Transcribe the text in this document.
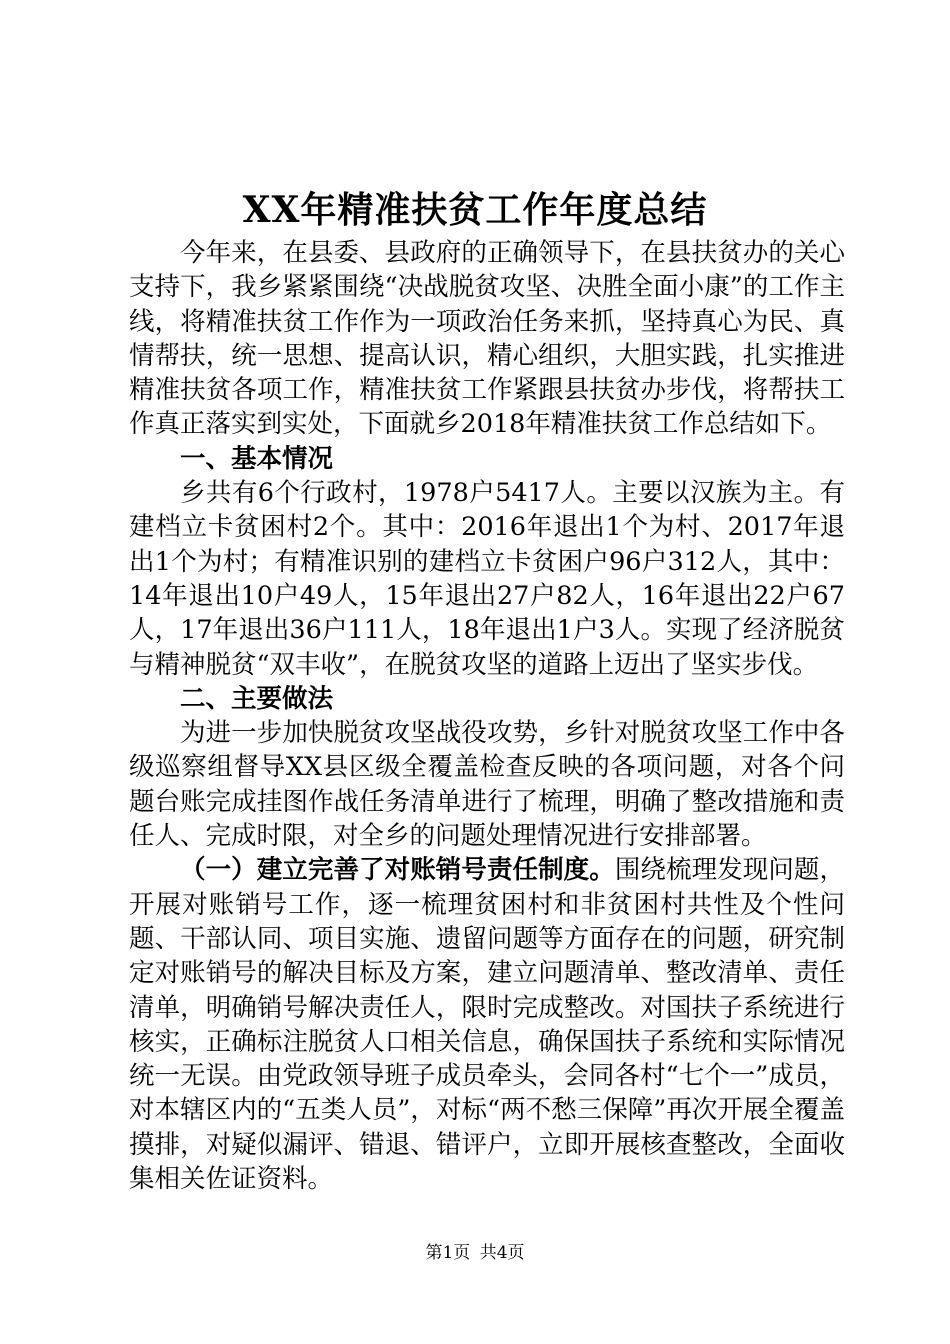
XX年精准扶贫工作年度总结

今年来，在县委、县政府的正确领导下，在县扶贫办的关心支持下，我乡紧紧围绕“决战脱贫攻坚、决胜全面小康”的工作主线，将精准扶贫工作作为一项政治任务来抓，坚持真心为民、真情帮扶，统一思想、提高认识，精心组织，大胆实践，扎实推进精准扶贫各项工作，精准扶贫工作紧跟县扶贫办步伐，将帮扶工作真正落实到实处，下面就乡2018年精准扶贫工作总结如下。

一、基本情况

乡共有6个行政村，1978户5417人。主要以汉族为主。有建档立卡贫困村2个。其中：2016年退出1个为村、2017年退出1个为村；有精准识别的建档立卡贫困户96户312人，其中：14年退出10户49人，15年退出27户82人，16年退出22户67人，17年退出36户111人，18年退出1户3人。实现了经济脱贫与精神脱贫“双丰收”，在脱贫攻坚的道路上迈出了坚实步伐。

二、主要做法

为进一步加快脱贫攻坚战役攻势，乡针对脱贫攻坚工作中各级巡察组督导XX县区级全覆盖检查反映的各项问题，对各个问题台账完成挂图作战任务清单进行了梳理，明确了整改措施和责任人、完成时限，对全乡的问题处理情况进行安排部署。

（一）建立完善了对账销号责任制度。围绕梳理发现问题，开展对账销号工作，逐一梳理贫困村和非贫困村共性及个性问题、干部认同、项目实施、遗留问题等方面存在的问题，研究制定对账销号的解决目标及方案，建立问题清单、整改清单、责任清单，明确销号解决责任人，限时完成整改。对国扶子系统进行核实，正确标注脱贫人口相关信息，确保国扶子系统和实际情况统一无误。由党政领导班子成员牵头，会同各村“七个一”成员，对本辖区内的“五类人员”，对标“两不愁三保障”再次开展全覆盖摸排，对疑似漏评、错退、错评户，立即开展核查整改，全面收集相关佐证资料。

第1页 共4页
